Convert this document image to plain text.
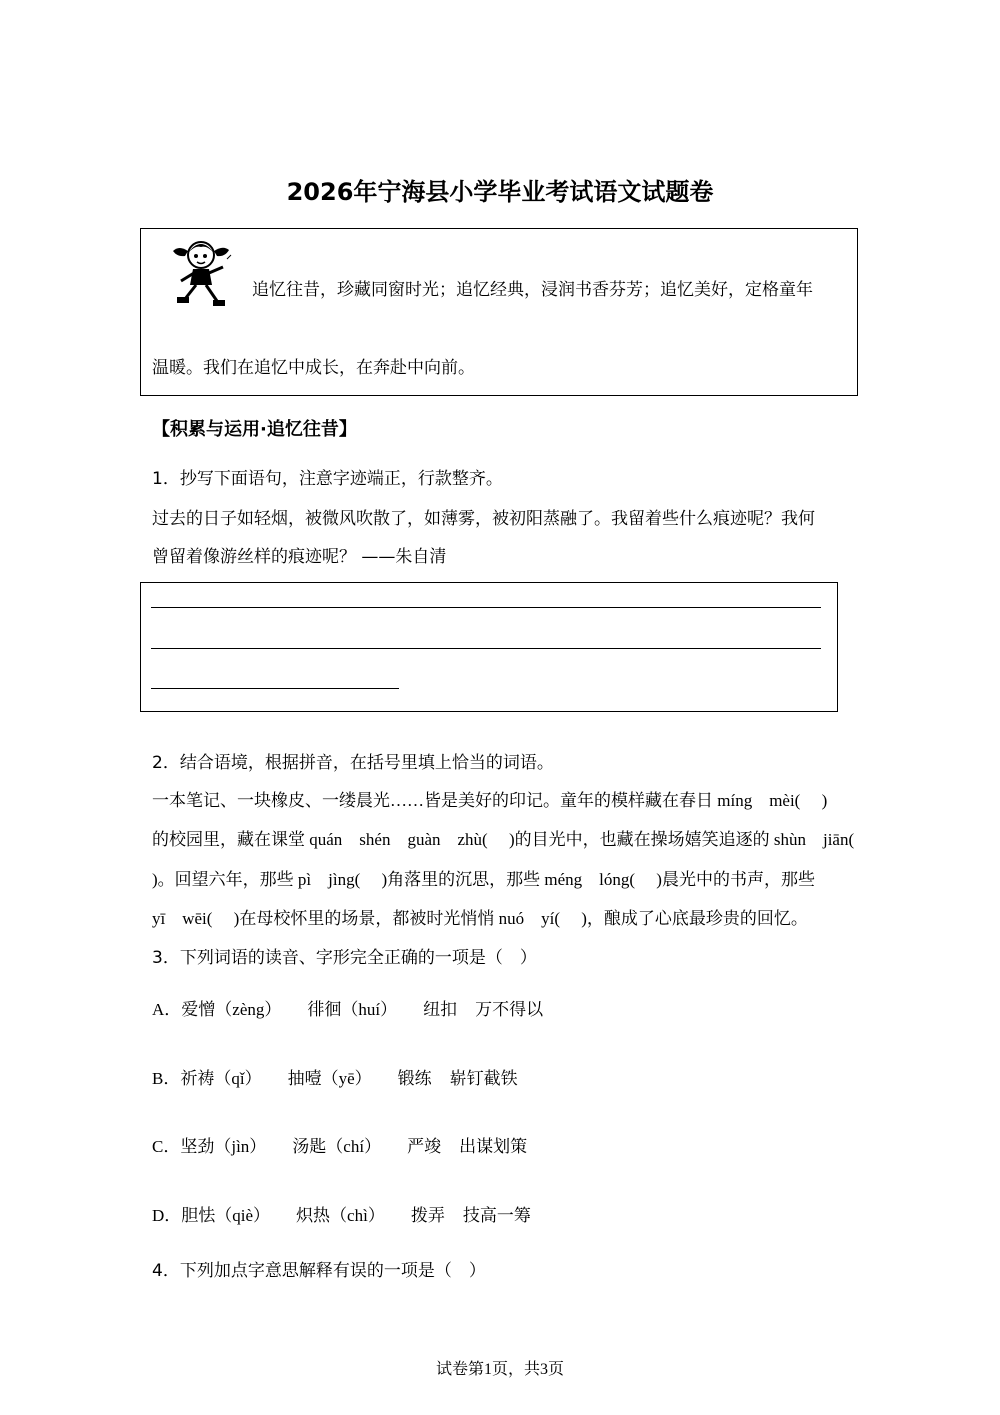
2026年宁海县小学毕业考试语文试题卷
追忆往昔，珍藏同窗时光；追忆经典，浸润书香芬芳；追忆美好，定格童年
温暖。我们在追忆中成长，在奔赴中向前。
【积累与运用·追忆往昔】
1．抄写下面语句，注意字迹端正，行款整齐。
过去的日子如轻烟，被微风吹散了，如薄雾，被初阳蒸融了。我留着些什么痕迹呢？我何
曾留着像游丝样的痕迹呢？ ——朱自清
2．结合语境，根据拼音，在括号里填上恰当的词语。
一本笔记、一块橡皮、一缕晨光……皆是美好的印记。童年的模样藏在春日 míng　mèi(　 )
的校园里，藏在课堂 quán　shén　guàn　zhù(　 )的目光中，也藏在操场嬉笑追逐的 shùn　jiān(
)。回望六年，那些 pì　jìng(　 )角落里的沉思，那些 méng　lóng(　 )晨光中的书声，那些
yī　wēi(　 )在母校怀里的场景，都被时光悄悄 nuó　yí(　 )，酿成了心底最珍贵的回忆。
3．下列词语的读音、字形完全正确的一项是（　）
A．爱憎（zèng） 徘徊（huí） 纽扣 万不得以
B．祈祷（qǐ） 抽噎（yē） 锻练 崭钉截铁
C．坚劲（jìn） 汤匙（chí） 严竣 出谋划策
D．胆怯（qiè） 炽热（chì） 拨弄 技高一筹
4．下列加点字意思解释有误的一项是（　）
试卷第1页，共3页
